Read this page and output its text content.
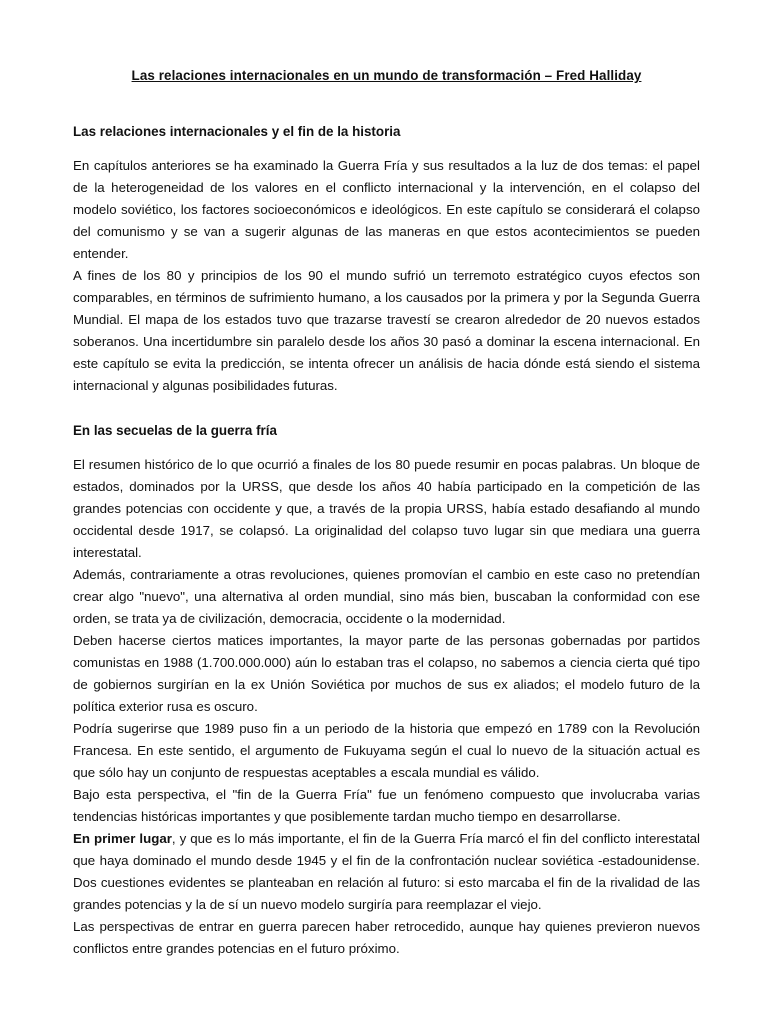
Las relaciones internacionales en un mundo de transformación – Fred Halliday
Las relaciones internacionales y el fin de la historia

En capítulos anteriores se ha examinado la Guerra Fría y sus resultados a la luz de dos temas: el papel de la heterogeneidad de los valores en el conflicto internacional y la intervención, en el colapso del modelo soviético, los factores socioeconómicos e ideológicos. En este capítulo se considerará el colapso del comunismo y se van a sugerir algunas de las maneras en que estos acontecimientos se pueden entender.

A fines de los 80 y principios de los 90 el mundo sufrió un terremoto estratégico cuyos efectos son comparables, en términos de sufrimiento humano, a los causados por la primera y por la Segunda Guerra Mundial. El mapa de los estados tuvo que trazarse travestí se crearon alrededor de 20 nuevos estados soberanos. Una incertidumbre sin paralelo desde los años 30 pasó a dominar la escena internacional. En este capítulo se evita la predicción, se intenta ofrecer un análisis de hacia dónde está siendo el sistema internacional y algunas posibilidades futuras.

En las secuelas de la guerra fría

El resumen histórico de lo que ocurrió a finales de los 80 puede resumir en pocas palabras. Un bloque de estados, dominados por la URSS, que desde los años 40 había participado en la competición de las grandes potencias con occidente y que, a través de la propia URSS, había estado desafiando al mundo occidental desde 1917, se colapsó. La originalidad del colapso tuvo lugar sin que mediara una guerra interestatal.

Además, contrariamente a otras revoluciones, quienes promovían el cambio en este caso no pretendían crear algo "nuevo", una alternativa al orden mundial, sino más bien, buscaban la conformidad con ese orden, se trata ya de civilización, democracia, occidente o la modernidad.

Deben hacerse ciertos matices importantes, la mayor parte de las personas gobernadas por partidos comunistas en 1988 (1.700.000.000) aún lo estaban tras el colapso, no sabemos a ciencia cierta qué tipo de gobiernos surgirían en la ex Unión Soviética por muchos de sus ex aliados; el modelo futuro de la política exterior rusa es oscuro.

Podría sugerirse que 1989 puso fin a un periodo de la historia que empezó en 1789 con la Revolución Francesa. En este sentido, el argumento de Fukuyama según el cual lo nuevo de la situación actual es que sólo hay un conjunto de respuestas aceptables a escala mundial es válido.

Bajo esta perspectiva, el "fin de la Guerra Fría" fue un fenómeno compuesto que involucraba varias tendencias históricas importantes y que posiblemente tardan mucho tiempo en desarrollarse.

En primer lugar, y que es lo más importante, el fin de la Guerra Fría marcó el fin del conflicto interestatal que haya dominado el mundo desde 1945 y el fin de la confrontación nuclear soviética -estadounidense. Dos cuestiones evidentes se planteaban en relación al futuro: si esto marcaba el fin de la rivalidad de las grandes potencias y la de sí un nuevo modelo surgiría para reemplazar el viejo.

Las perspectivas de entrar en guerra parecen haber retrocedido, aunque hay quienes previeron nuevos conflictos entre grandes potencias en el futuro próximo.
